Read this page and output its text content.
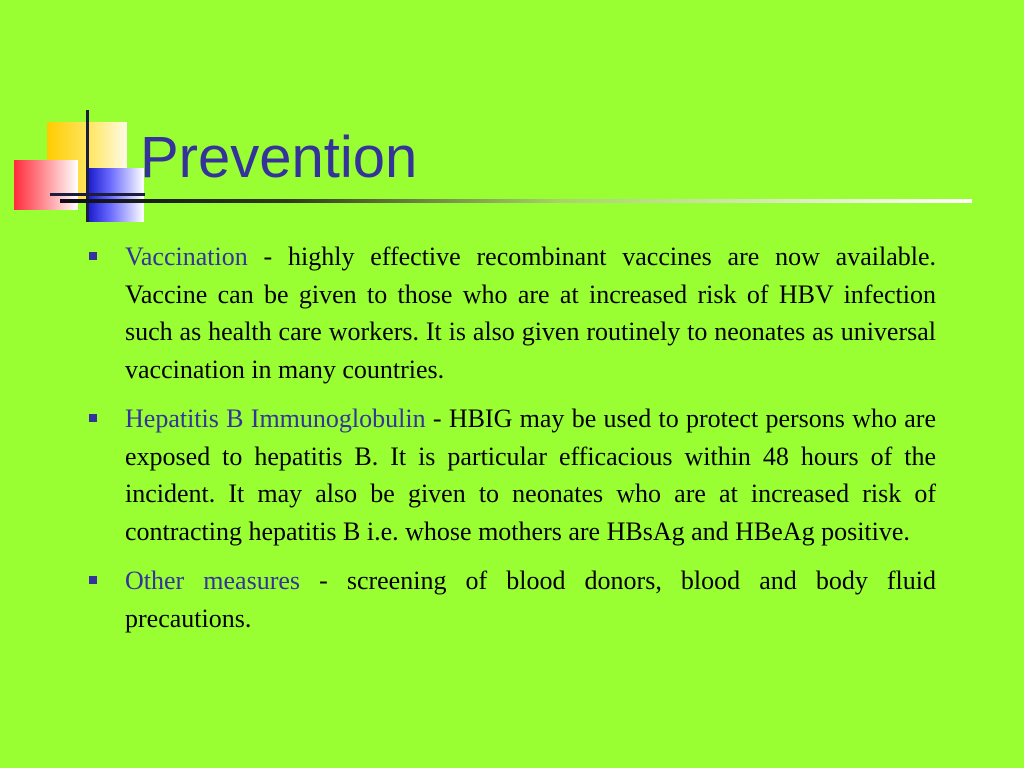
Prevention
Vaccination - highly effective recombinant vaccines are now available. Vaccine can be given to those who are at increased risk of HBV infection such as health care workers. It is also given routinely to neonates as universal vaccination in many countries.
Hepatitis B Immunoglobulin - HBIG may be used to protect persons who are exposed to hepatitis B. It is particular efficacious within 48 hours of the incident. It may also be given to neonates who are at increased risk of contracting hepatitis B i.e. whose mothers are HBsAg and HBeAg positive.
Other measures - screening of blood donors, blood and body fluid precautions.
